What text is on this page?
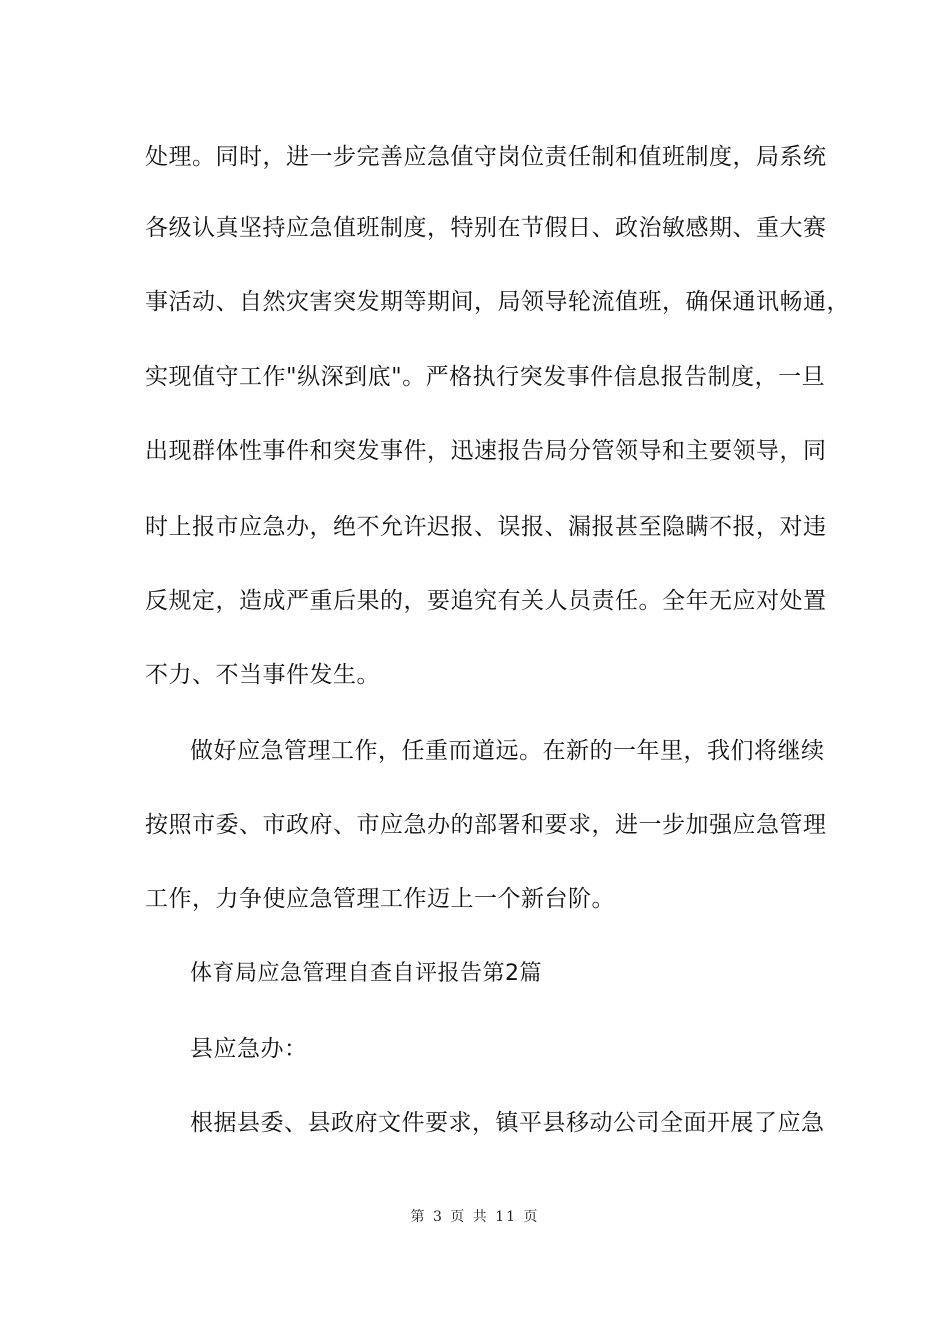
处理。同时，进一步完善应急值守岗位责任制和值班制度，局系统
各级认真坚持应急值班制度，特别在节假日、政治敏感期、重大赛
事活动、自然灾害突发期等期间，局领导轮流值班，确保通讯畅通，
实现值守工作"纵深到底"。严格执行突发事件信息报告制度，一旦
出现群体性事件和突发事件，迅速报告局分管领导和主要领导，同
时上报市应急办，绝不允许迟报、误报、漏报甚至隐瞒不报，对违
反规定，造成严重后果的，要追究有关人员责任。全年无应对处置
不力、不当事件发生。
做好应急管理工作，任重而道远。在新的一年里，我们将继续
按照市委、市政府、市应急办的部署和要求，进一步加强应急管理
工作，力争使应急管理工作迈上一个新台阶。
体育局应急管理自查自评报告第2篇
县应急办：
根据县委、县政府文件要求，镇平县移动公司全面开展了应急
第 3 页 共 11 页
